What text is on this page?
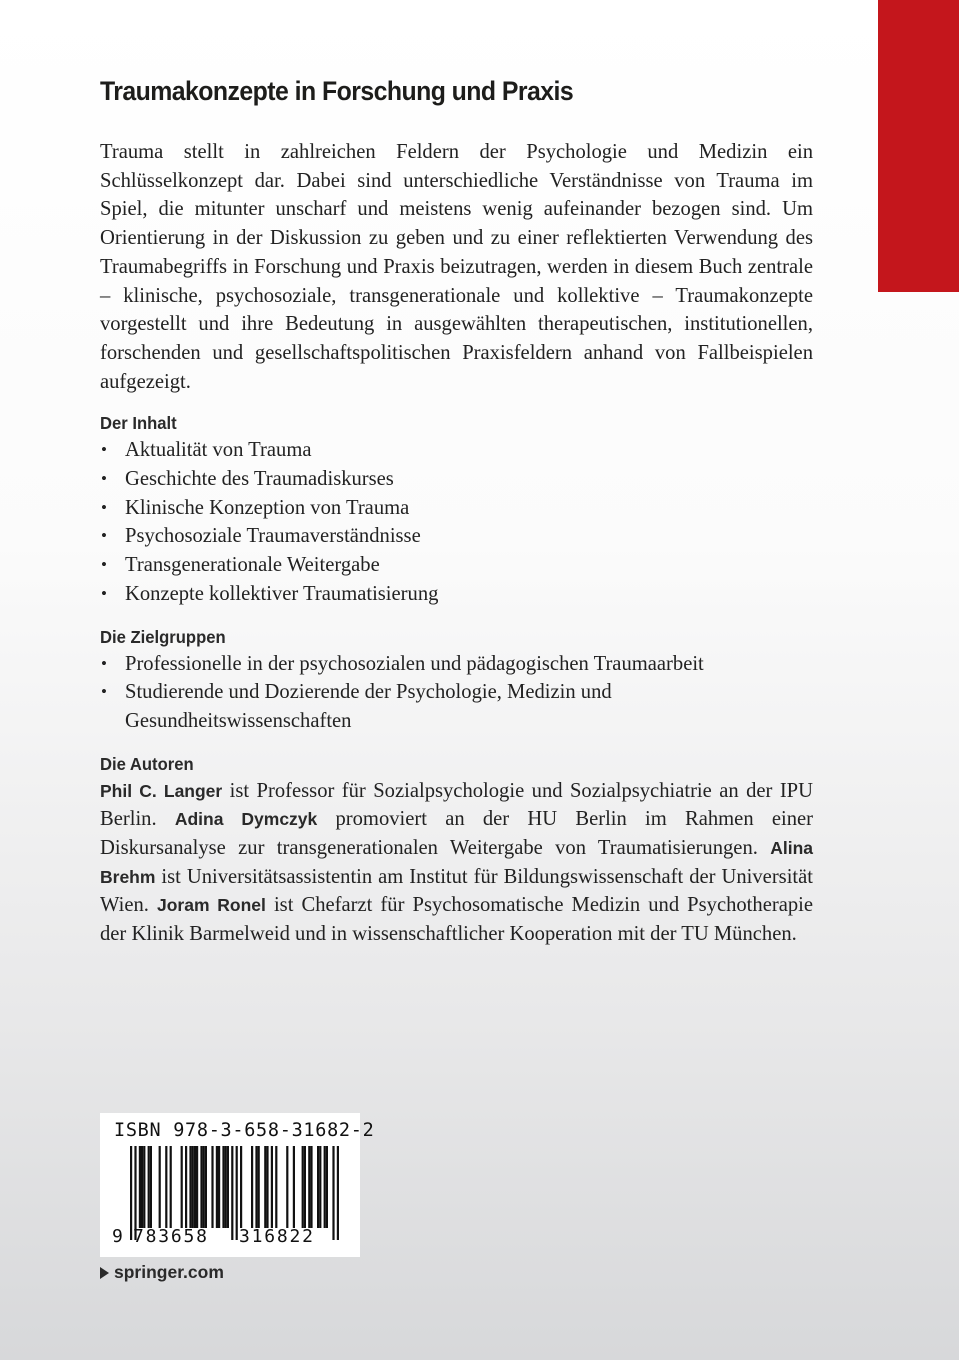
Traumakonzepte in Forschung und Praxis

Trauma stellt in zahlreichen Feldern der Psychologie und Medizin ein Schlüsselkonzept dar. Dabei sind unterschiedliche Verständnisse von Trauma im Spiel, die mitunter unscharf und meistens wenig aufeinander bezogen sind. Um Orientierung in der Diskussion zu geben und zu einer reflektierten Verwendung des Traumabegriffs in Forschung und Praxis beizutragen, werden in diesem Buch zentrale – klinische, psychosoziale, transgenerationale und kollektive – Traumakonzepte vorgestellt und ihre Bedeutung in ausgewählten therapeutischen, institutionellen, forschenden und gesellschaftspolitischen Praxisfeldern anhand von Fallbeispielen aufgezeigt.

Der Inhalt
• Aktualität von Trauma
• Geschichte des Traumadiskurses
• Klinische Konzeption von Trauma
• Psychosoziale Traumaverständnisse
• Transgenerationale Weitergabe
• Konzepte kollektiver Traumatisierung
Die Zielgruppen
• Professionelle in der psychosozialen und pädagogischen Traumaarbeit
• Studierende und Dozierende der Psychologie, Medizin und Gesundheitswissenschaften
Die Autoren

Phil C. Langer ist Professor für Sozialpsychologie und Sozialpsychiatrie an der IPU Berlin. Adina Dymczyk promoviert an der HU Berlin im Rahmen einer Diskursanalyse zur transgenerationalen Weitergabe von Traumatisierungen. Alina Brehm ist Universitätsassistentin am Institut für Bildungswissenschaft der Universität Wien. Joram Ronel ist Chefarzt für Psychosomatische Medizin und Psychotherapie der Klinik Barmelweid und in wissenschaftlicher Kooperation mit der TU München.

ISBN 978-3-658-31682-2
9 783658 316822
springer.com
